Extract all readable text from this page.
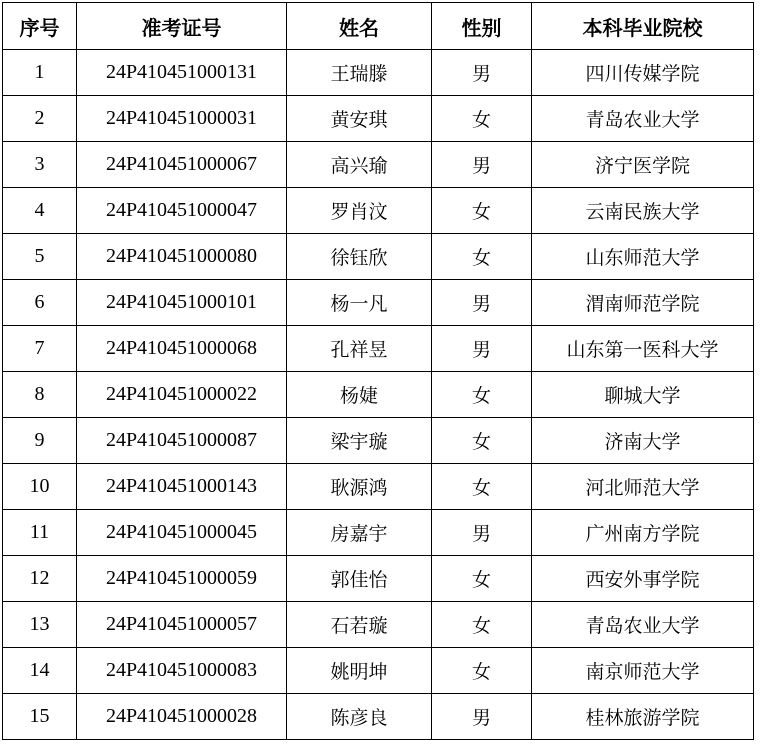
序号	准考证号	姓名	性别	本科毕业院校
1	24P410451000131	王瑞滕	男	四川传媒学院
2	24P410451000031	黄安琪	女	青岛农业大学
3	24P410451000067	高兴瑜	男	济宁医学院
4	24P410451000047	罗肖汶	女	云南民族大学
5	24P410451000080	徐钰欣	女	山东师范大学
6	24P410451000101	杨一凡	男	渭南师范学院
7	24P410451000068	孔祥昱	男	山东第一医科大学
8	24P410451000022	杨婕	女	聊城大学
9	24P410451000087	梁宇璇	女	济南大学
10	24P410451000143	耿源鸿	女	河北师范大学
11	24P410451000045	房嘉宇	男	广州南方学院
12	24P410451000059	郭佳怡	女	西安外事学院
13	24P410451000057	石若璇	女	青岛农业大学
14	24P410451000083	姚明坤	女	南京师范大学
15	24P410451000028	陈彦良	男	桂林旅游学院
